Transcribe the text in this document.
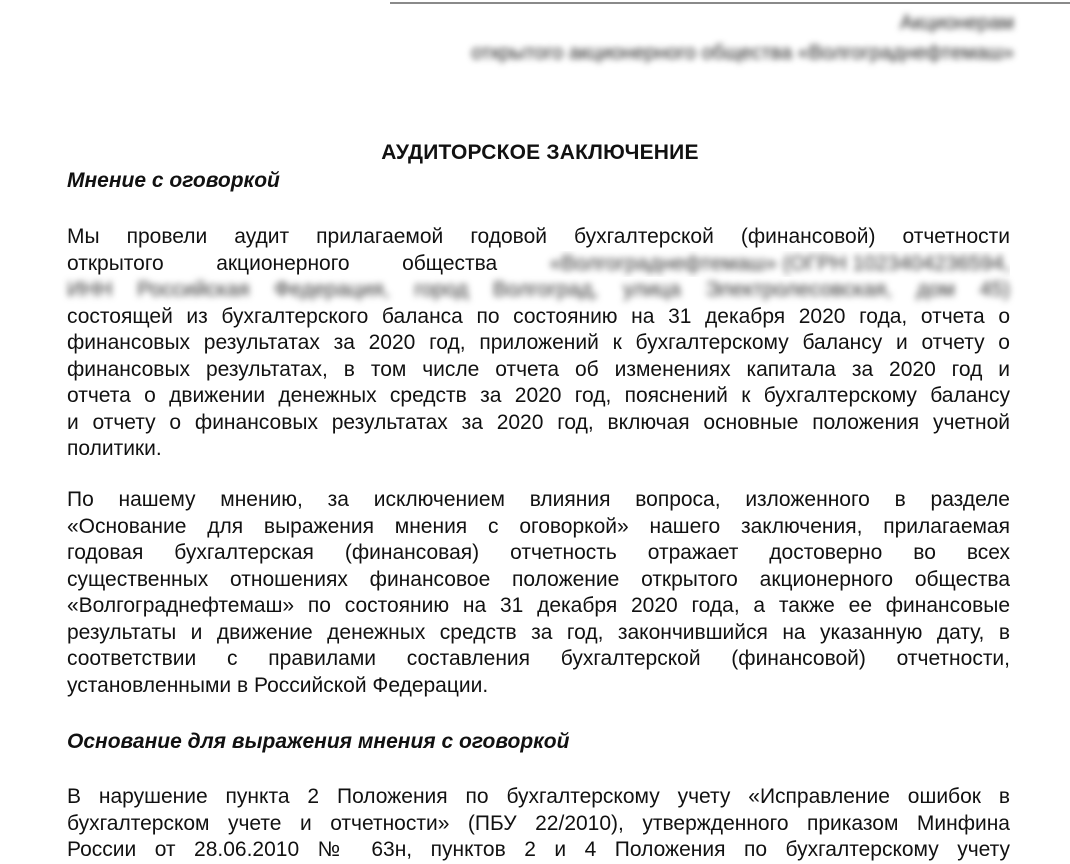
Акционерам
открытого акционерного общества «Волгограднефтемаш»
АУДИТОРСКОЕ ЗАКЛЮЧЕНИЕ
Мнение с оговоркой
Мы провели аудит прилагаемой годовой бухгалтерской (финансовой) отчетности
открытого акционерного общества «Волгограднефтемаш» (ОГРН 1023404236594,
ИНН Российская Федерация, город Волгоград, улица Электролесовская, дом 45)
состоящей из бухгалтерского баланса по состоянию на 31 декабря 2020 года, отчета о
финансовых результатах за 2020 год, приложений к бухгалтерскому балансу и отчету о
финансовых результатах, в том числе отчета об изменениях капитала за 2020 год и
отчета о движении денежных средств за 2020 год, пояснений к бухгалтерскому балансу
и отчету о финансовых результатах за 2020 год, включая основные положения учетной
политики.
По нашему мнению, за исключением влияния вопроса, изложенного в разделе
«Основание для выражения мнения с оговоркой» нашего заключения, прилагаемая
годовая бухгалтерская (финансовая) отчетность отражает достоверно во всех
существенных отношениях финансовое положение открытого акционерного общества
«Волгограднефтемаш» по состоянию на 31 декабря 2020 года, а также ее финансовые
результаты и движение денежных средств за год, закончившийся на указанную дату, в
соответствии с правилами составления бухгалтерской (финансовой) отчетности,
установленными в Российской Федерации.
Основание для выражения мнения с оговоркой
В нарушение пункта 2 Положения по бухгалтерскому учету «Исправление ошибок в
бухгалтерском учете и отчетности» (ПБУ 22/2010), утвержденного приказом Минфина
России от 28.06.2010 № 63н, пунктов 2 и 4 Положения по бухгалтерскому учету
